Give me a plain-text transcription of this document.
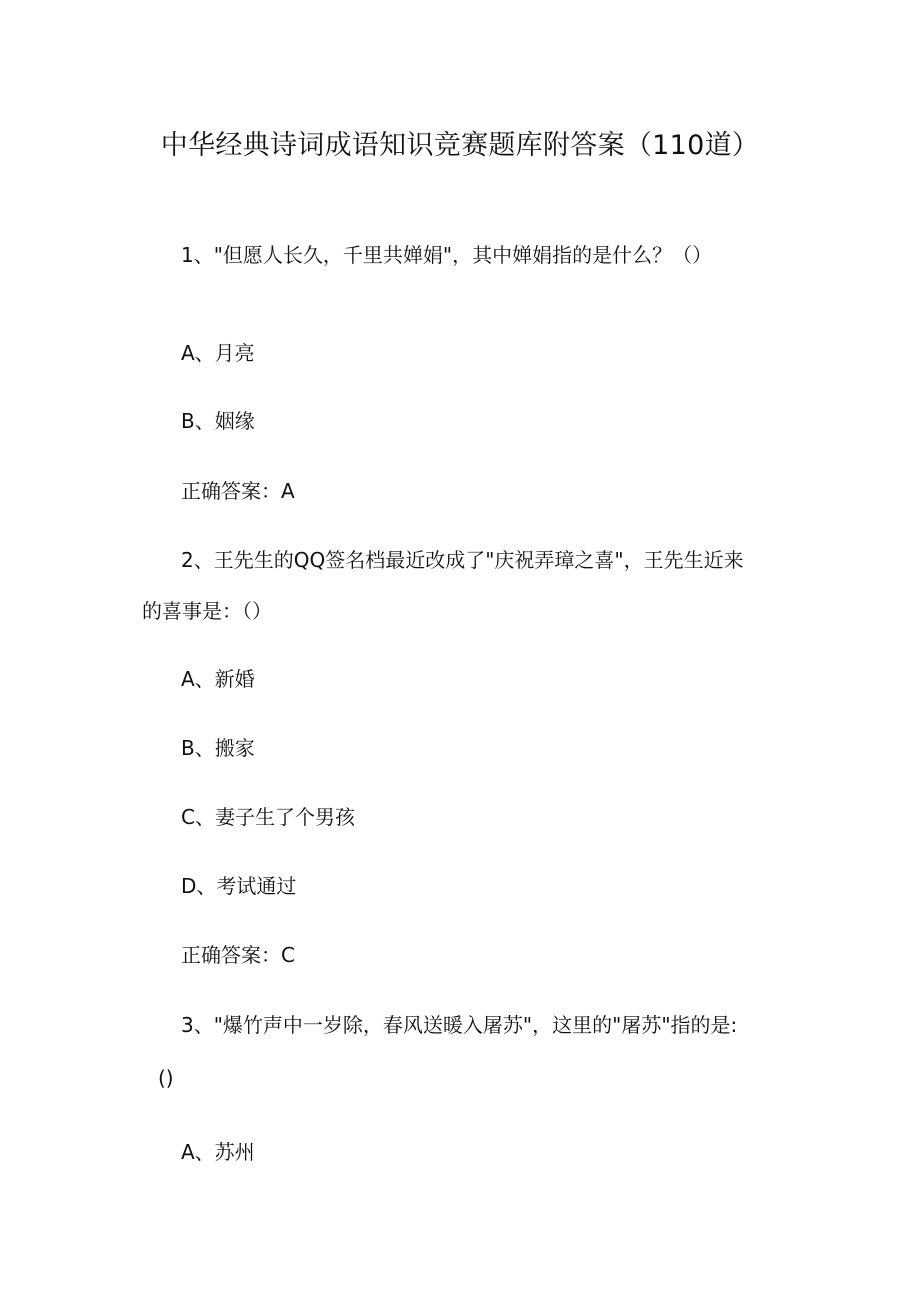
中华经典诗词成语知识竞赛题库附答案（110道）
1、"但愿人长久，千里共婵娟"，其中婵娟指的是什么？（）
A、月亮
B、姻缘
正确答案：A
2、王先生的QQ签名档最近改成了"庆祝弄璋之喜"，王先生近来
的喜事是：（）
A、新婚
B、搬家
C、妻子生了个男孩
D、考试通过
正确答案：C
3、"爆竹声中一岁除，春风送暖入屠苏"，这里的"屠苏"指的是:
()
A、苏州
